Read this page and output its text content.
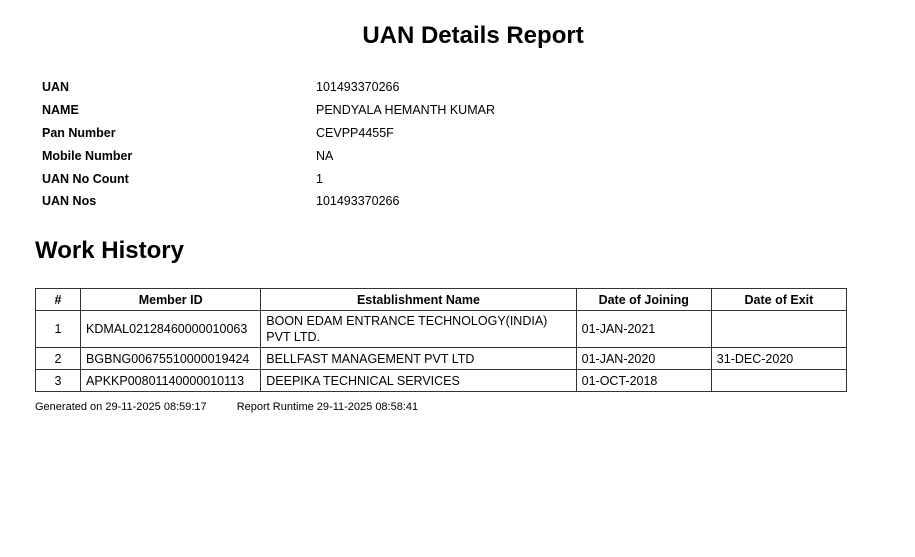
UAN Details Report
UAN	101493370266
NAME	PENDYALA HEMANTH KUMAR
Pan Number	CEVPP4455F
Mobile Number	NA
UAN No Count	1
UAN Nos	101493370266
Work History
#	Member ID	Establishment Name	Date of Joining	Date of Exit
1	KDMAL02128460000010063	BOON EDAM ENTRANCE TECHNOLOGY(INDIA) PVT LTD.	01-JAN-2021	
2	BGBNG00675510000019424	BELLFAST MANAGEMENT PVT LTD	01-JAN-2020	31-DEC-2020
3	APKKP00801140000010113	DEEPIKA TECHNICAL SERVICES	01-OCT-2018	
Generated on 29-11-2025 08:59:17	Report Runtime 29-11-2025 08:58:41
